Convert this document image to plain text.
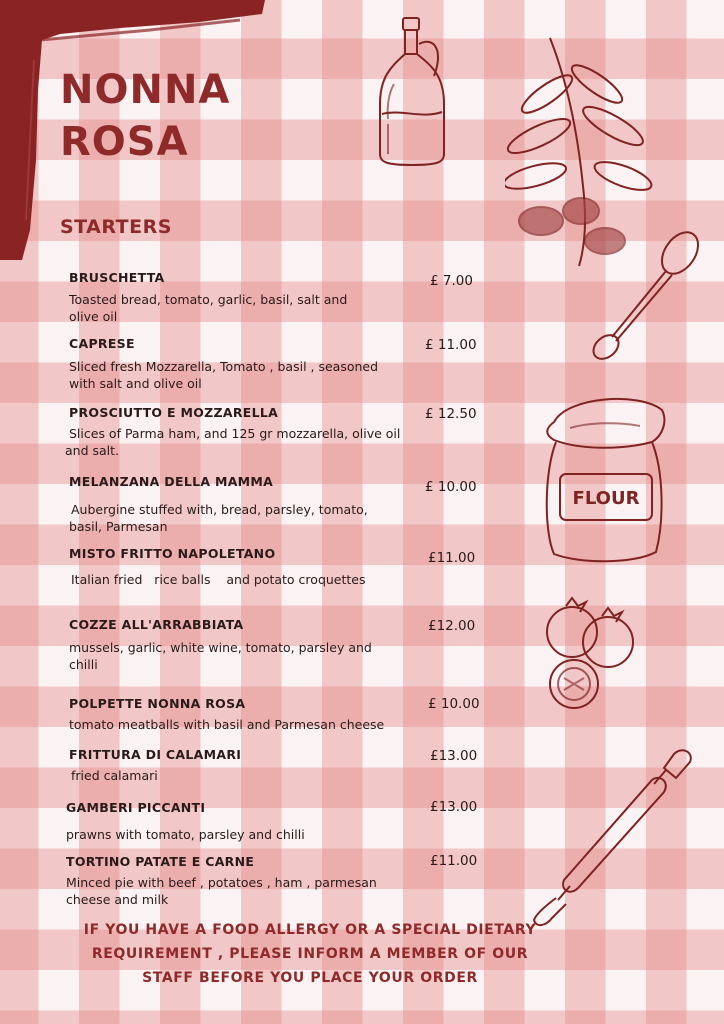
NONNA
ROSA
STARTERS

BRUSCHETTA

Toasted bread, tomato, garlic, basil, salt and olive oil

£ 7.00

CAPRESE

Sliced fresh Mozzarella, Tomato , basil , seasoned with salt and olive oil

£ 11.00

PROSCIUTTO E MOZZARELLA

Slices of Parma ham, and 125 gr mozzarella, olive oil and salt.

£ 12.50

MELANZANA DELLA MAMMA

Aubergine stuffed with, bread, parsley, tomato, basil, Parmesan

£ 10.00

MISTO FRITTO NAPOLETANO

Italian fried   rice balls    and potato croquettes

£11.00

COZZE ALL'ARRABBIATA

mussels, garlic, white wine, tomato, parsley and chilli

£12.00

POLPETTE NONNA ROSA

tomato meatballs with basil and Parmesan cheese

£ 10.00

FRITTURA DI CALAMARI

fried calamari

£13.00

GAMBERI PICCANTI

prawns with tomato, parsley and chilli

£13.00

TORTINO PATATE E CARNE

Minced pie with beef , potatoes , ham , parmesan cheese and milk

£11.00

IF YOU HAVE A FOOD ALLERGY OR A SPECIAL DIETARY
REQUIREMENT , PLEASE INFORM A MEMBER OF OUR
STAFF BEFORE YOU PLACE YOUR ORDER

FLOUR
